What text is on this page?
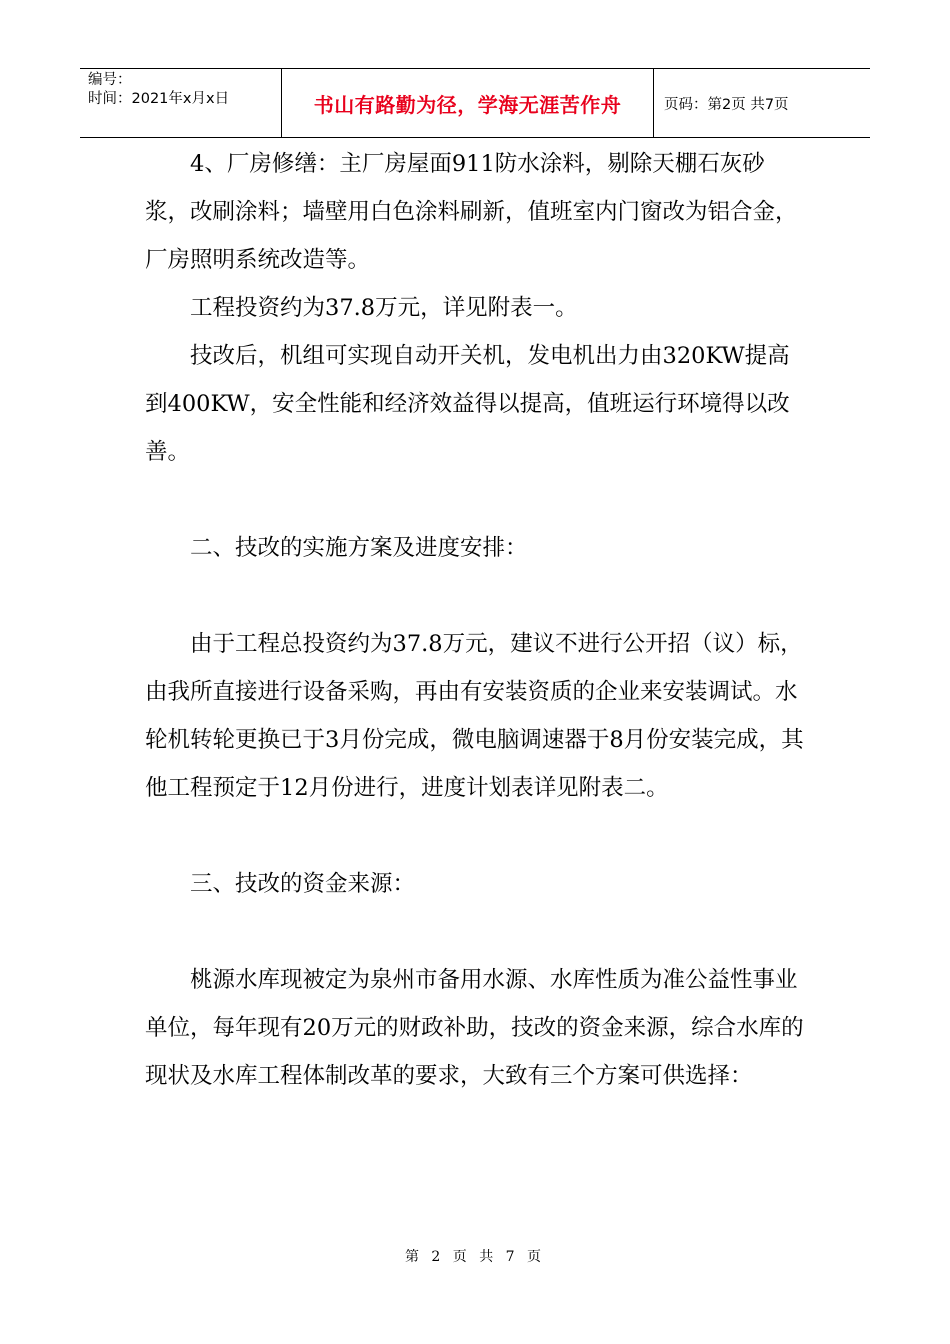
编号：
时间：2021年x月x日	书山有路勤为径，学海无涯苦作舟	页码：第2页 共7页

4、厂房修缮：主厂房屋面911防水涂料，剔除天棚石灰砂浆，改刷涂料；墙壁用白色涂料刷新，值班室内门窗改为铝合金，厂房照明系统改造等。

工程投资约为37.8万元，详见附表一。

技改后，机组可实现自动开关机，发电机出力由320KW提高到400KW，安全性能和经济效益得以提高，值班运行环境得以改善。

二、技改的实施方案及进度安排：

由于工程总投资约为37.8万元，建议不进行公开招（议）标，由我所直接进行设备采购，再由有安装资质的企业来安装调试。水轮机转轮更换已于3月份完成，微电脑调速器于8月份安装完成，其他工程预定于12月份进行，进度计划表详见附表二。

三、技改的资金来源：

桃源水库现被定为泉州市备用水源、水库性质为准公益性事业单位，每年现有20万元的财政补助，技改的资金来源，综合水库的现状及水库工程体制改革的要求，大致有三个方案可供选择：

第 2 页 共 7 页
